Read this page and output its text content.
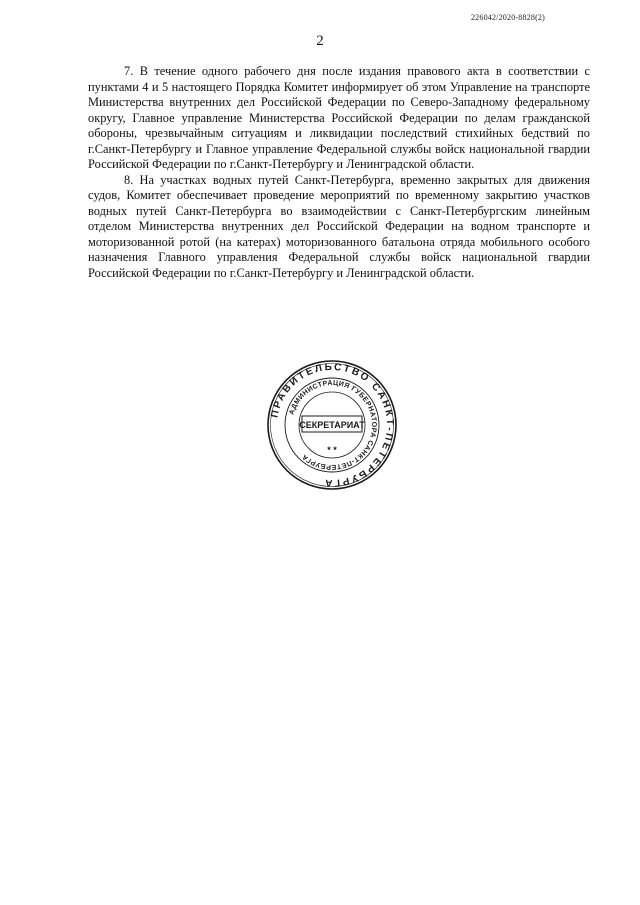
226042/2020-8828(2)
2

7. В течение одного рабочего дня после издания правового акта в соответствии с пунктами 4 и 5 настоящего Порядка Комитет информирует об этом Управление на транспорте Министерства внутренних дел Российской Федерации по Северо-Западному федеральному округу, Главное управление Министерства Российской Федерации по делам гражданской обороны, чрезвычайным ситуациям и ликвидации последствий стихийных бедствий по г.Санкт-Петербургу и Главное управление Федеральной службы войск национальной гвардии Российской Федерации по г.Санкт-Петербургу и Ленинградской области.

8. На участках водных путей Санкт-Петербурга, временно закрытых для движения судов, Комитет обеспечивает проведение мероприятий по временному закрытию участков водных путей Санкт-Петербурга во взаимодействии с Санкт-Петербургским линейным отделом Министерства внутренних дел Российской Федерации на водном транспорте и моторизованной ротой (на катерах) моторизованного батальона отряда мобильного особого назначения Главного управления Федеральной службы войск национальной гвардии Российской Федерации по г.Санкт-Петербургу и Ленинградской области.

ПРАВИТЕЛЬСТВО САНКТ-ПЕТЕРБУРГА
АДМИНИСТРАЦИЯ ГУБЕРНАТОРА САНКТ-ПЕТЕРБУРГА
СЕКРЕТАРИАТ
* *
